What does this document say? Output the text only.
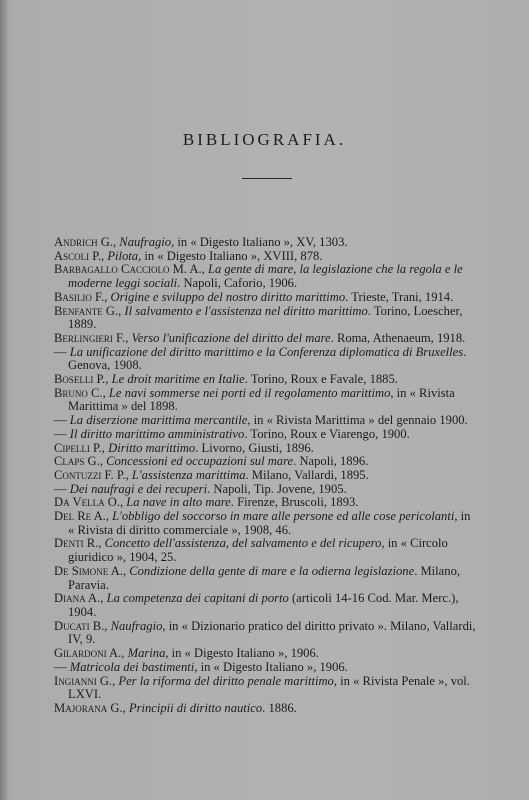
BIBLIOGRAFIA.
Andrich G., Naufragio, in « Digesto Italiano », XV, 1303.
Ascoli P., Pilota, in « Digesto Italiano », XVIII, 878.
Barbagallo Cacciolo M. A., La gente di mare, la legislazione che la regola e le moderne leggi sociali. Napoli, Caforio, 1906.
Basilio F., Origine e sviluppo del nostro diritto marittimo. Trieste, Trani, 1914.
Benfante G., Il salvamento e l'assistenza nel diritto marittimo. Torino, Loescher, 1889.
Berlingieri F., Verso l'unificazione del diritto del mare. Roma, Athenaeum, 1918.
— La unificazione del diritto marittimo e la Conferenza diplomatica di Bruxelles. Genova, 1908.
Boselli P., Le droit maritime en Italie. Torino, Roux e Favale, 1885.
Bruno C., Le navi sommerse nei porti ed il regolamento marittimo, in « Rivista Marittima » del 1898.
— La diserzione marittima mercantile, in « Rivista Marittima » del gennaio 1900.
— Il diritto marittimo amministrativo. Torino, Roux e Viarengo, 1900.
Cipelli P., Diritto marittimo. Livorno, Giusti, 1896.
Claps G., Concessioni ed occupazioni sul mare. Napoli, 1896.
Contuzzi F. P., L'assistenza marittima. Milano, Vallardi, 1895.
— Dei naufragi e dei recuperi. Napoli, Tip. Jovene, 1905.
Da Vella O., La nave in alto mare. Firenze, Bruscoli, 1893.
Del Re A., L'obbligo del soccorso in mare alle persone ed alle cose pericolanti, in « Rivista di diritto commerciale », 1908, 46.
Denti R., Concetto dell'assistenza, del salvamento e del ricupero, in « Circolo giuridico », 1904, 25.
De Simone A., Condizione della gente di mare e la odierna legislazione. Milano, Paravia.
Diana A., La competenza dei capitani di porto (articoli 14-16 Cod. Mar. Merc.), 1904.
Ducati B., Naufragio, in « Dizionario pratico del diritto privato ». Milano, Vallardi, IV, 9.
Gilardoni A., Marina, in « Digesto Italiano », 1906.
— Matricola dei bastimenti, in « Digesto Italiano », 1906.
Ingianni G., Per la riforma del diritto penale marittimo, in « Rivista Penale », vol. LXVI.
Majorana G., Principii di diritto nautico. 1886.
